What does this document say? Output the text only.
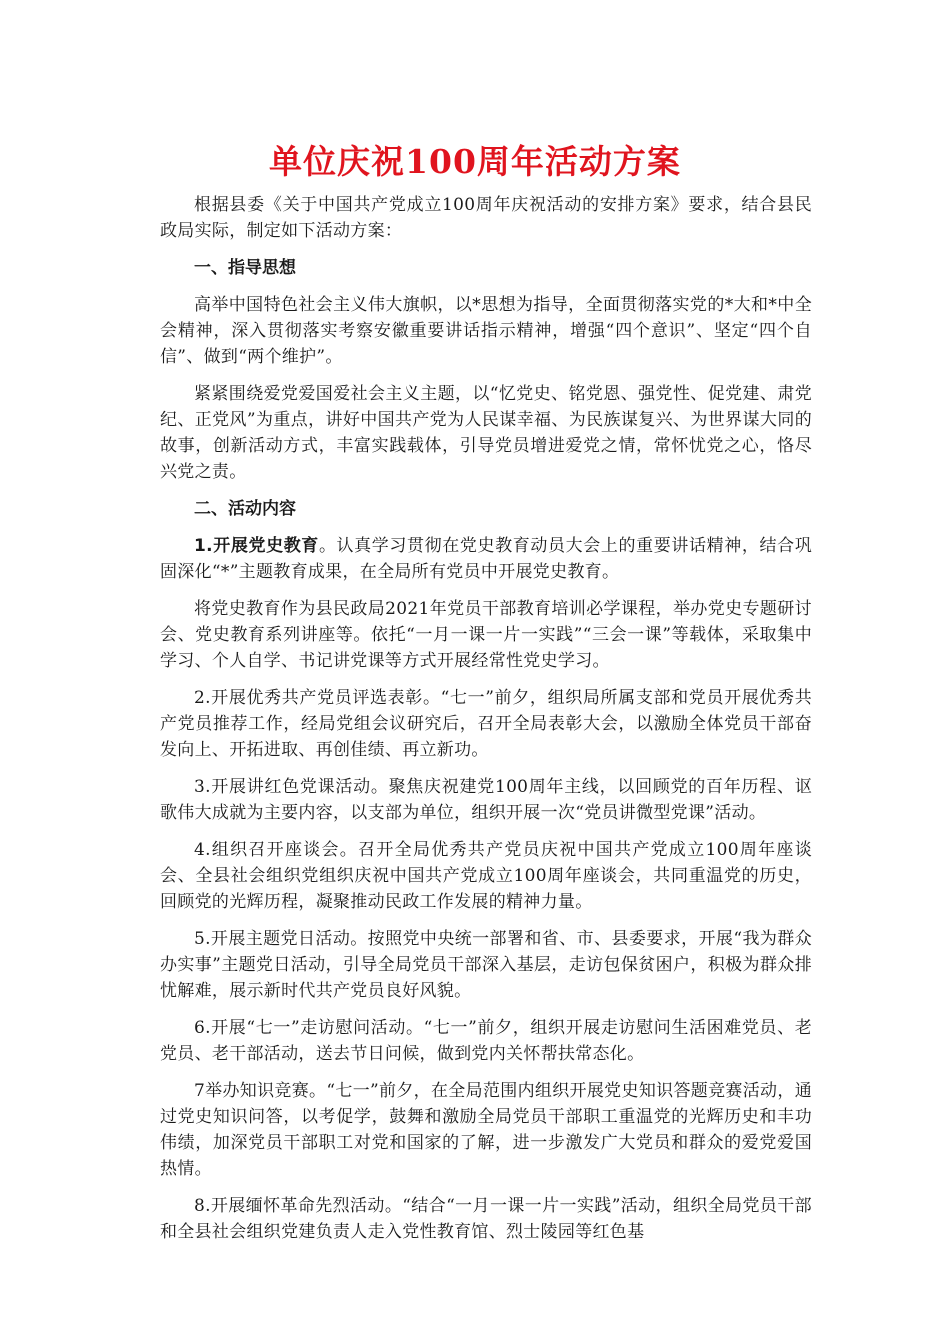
单位庆祝100周年活动方案

根据县委《关于中国共产党成立100周年庆祝活动的安排方案》要求，结合县民政局实际，制定如下活动方案：

一、指导思想

高举中国特色社会主义伟大旗帜，以*思想为指导，全面贯彻落实党的*大和*中全会精神，深入贯彻落实考察安徽重要讲话指示精神，增强“四个意识”、坚定“四个自信”、做到“两个维护”。

紧紧围绕爱党爱国爱社会主义主题，以“忆党史、铭党恩、强党性、促党建、肃党纪、正党风”为重点，讲好中国共产党为人民谋幸福、为民族谋复兴、为世界谋大同的故事，创新活动方式，丰富实践载体，引导党员增进爱党之情，常怀忧党之心，恪尽兴党之责。

二、活动内容

1.开展党史教育。认真学习贯彻在党史教育动员大会上的重要讲话精神，结合巩固深化“*”主题教育成果，在全局所有党员中开展党史教育。

将党史教育作为县民政局2021年党员干部教育培训必学课程，举办党史专题研讨会、党史教育系列讲座等。依托“一月一课一片一实践”“三会一课”等载体，采取集中学习、个人自学、书记讲党课等方式开展经常性党史学习。

2.开展优秀共产党员评选表彰。“七一”前夕，组织局所属支部和党员开展优秀共产党员推荐工作，经局党组会议研究后，召开全局表彰大会，以激励全体党员干部奋发向上、开拓进取、再创佳绩、再立新功。

3.开展讲红色党课活动。聚焦庆祝建党100周年主线，以回顾党的百年历程、讴歌伟大成就为主要内容，以支部为单位，组织开展一次“党员讲微型党课”活动。

4.组织召开座谈会。召开全局优秀共产党员庆祝中国共产党成立100周年座谈会、全县社会组织党组织庆祝中国共产党成立100周年座谈会，共同重温党的历史，回顾党的光辉历程，凝聚推动民政工作发展的精神力量。

5.开展主题党日活动。按照党中央统一部署和省、市、县委要求，开展“我为群众办实事”主题党日活动，引导全局党员干部深入基层，走访包保贫困户，积极为群众排忧解难，展示新时代共产党员良好风貌。

6.开展“七一”走访慰问活动。“七一”前夕，组织开展走访慰问生活困难党员、老党员、老干部活动，送去节日问候，做到党内关怀帮扶常态化。

7举办知识竞赛。“七一”前夕，在全局范围内组织开展党史知识答题竞赛活动，通过党史知识问答，以考促学，鼓舞和激励全局党员干部职工重温党的光辉历史和丰功伟绩，加深党员干部职工对党和国家的了解，进一步激发广大党员和群众的爱党爱国热情。

8.开展缅怀革命先烈活动。“结合“一月一课一片一实践”活动，组织全局党员干部和全县社会组织党建负责人走入党性教育馆、烈士陵园等红色基
